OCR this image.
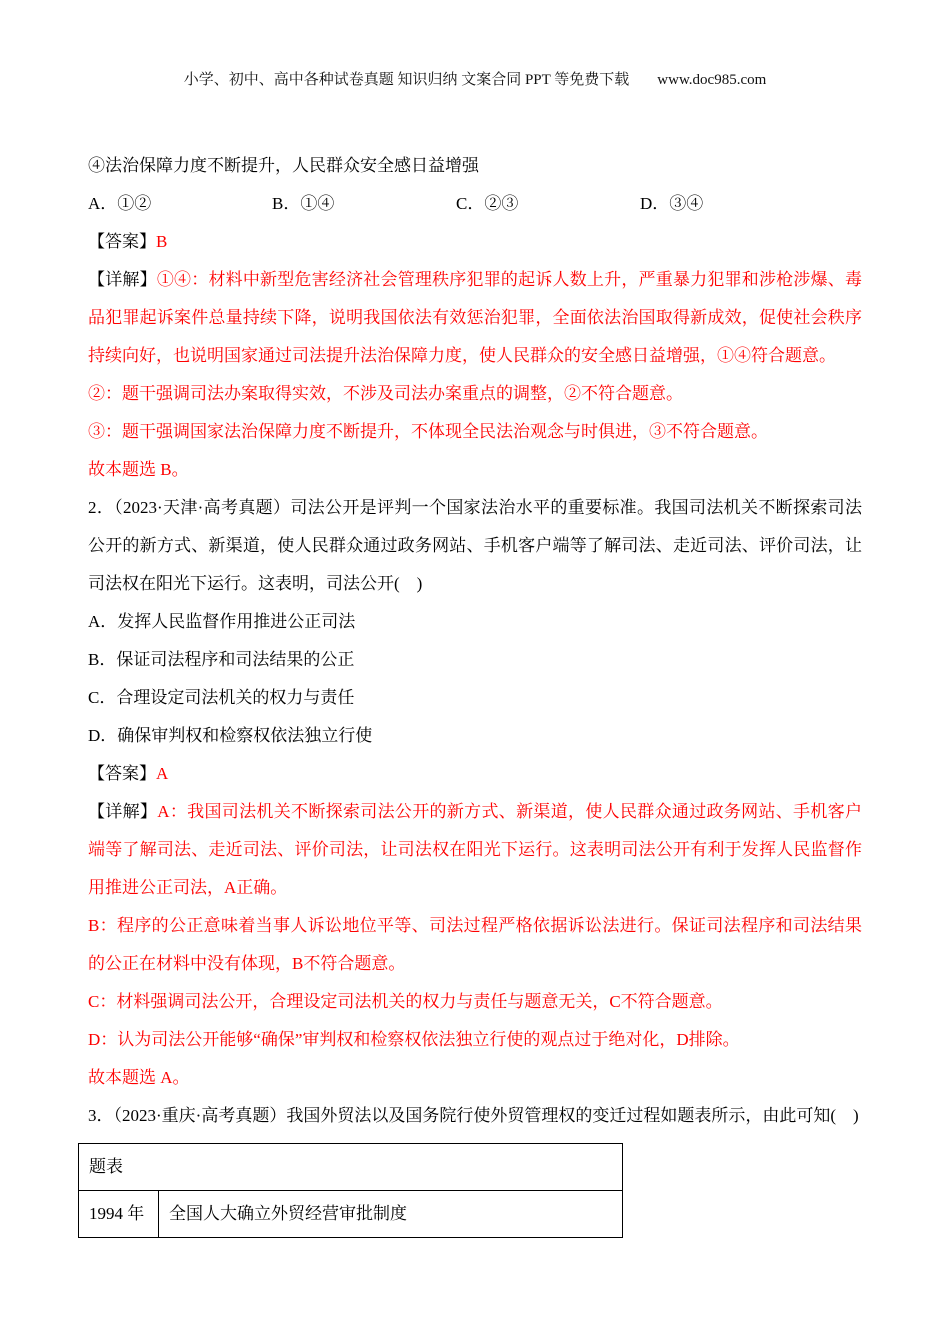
小学、初中、高中各种试卷真题 知识归纳 文案合同 PPT 等免费下载 www.doc985.com

④法治保障力度不断提升，人民群众安全感日益增强

A．①②	B．①④	C．②③	D．③④

【答案】B

【详解】①④：材料中新型危害经济社会管理秩序犯罪的起诉人数上升，严重暴力犯罪和涉枪涉爆、毒品犯罪起诉案件总量持续下降，说明我国依法有效惩治犯罪，全面依法治国取得新成效，促使社会秩序持续向好，也说明国家通过司法提升法治保障力度，使人民群众的安全感日益增强，①④符合题意。

②：题干强调司法办案取得实效，不涉及司法办案重点的调整，②不符合题意。

③：题干强调国家法治保障力度不断提升，不体现全民法治观念与时俱进，③不符合题意。

故本题选 B。

2．（2023·天津·高考真题）司法公开是评判一个国家法治水平的重要标准。我国司法机关不断探索司法公开的新方式、新渠道，使人民群众通过政务网站、手机客户端等了解司法、走近司法、评价司法，让司法权在阳光下运行。这表明，司法公开(　)

A．发挥人民监督作用推进公正司法

B．保证司法程序和司法结果的公正

C．合理设定司法机关的权力与责任

D．确保审判权和检察权依法独立行使

【答案】A

【详解】A：我国司法机关不断探索司法公开的新方式、新渠道，使人民群众通过政务网站、手机客户端等了解司法、走近司法、评价司法，让司法权在阳光下运行。这表明司法公开有利于发挥人民监督作用推进公正司法，A正确。

B：程序的公正意味着当事人诉讼地位平等、司法过程严格依据诉讼法进行。保证司法程序和司法结果的公正在材料中没有体现，B不符合题意。

C：材料强调司法公开，合理设定司法机关的权力与责任与题意无关，C不符合题意。

D：认为司法公开能够“确保”审判权和检察权依法独立行使的观点过于绝对化，D排除。

故本题选 A。

3．（2023·重庆·高考真题）我国外贸法以及国务院行使外贸管理权的变迁过程如题表所示，由此可知(　)

题表
1994 年	全国人大确立外贸经营审批制度
